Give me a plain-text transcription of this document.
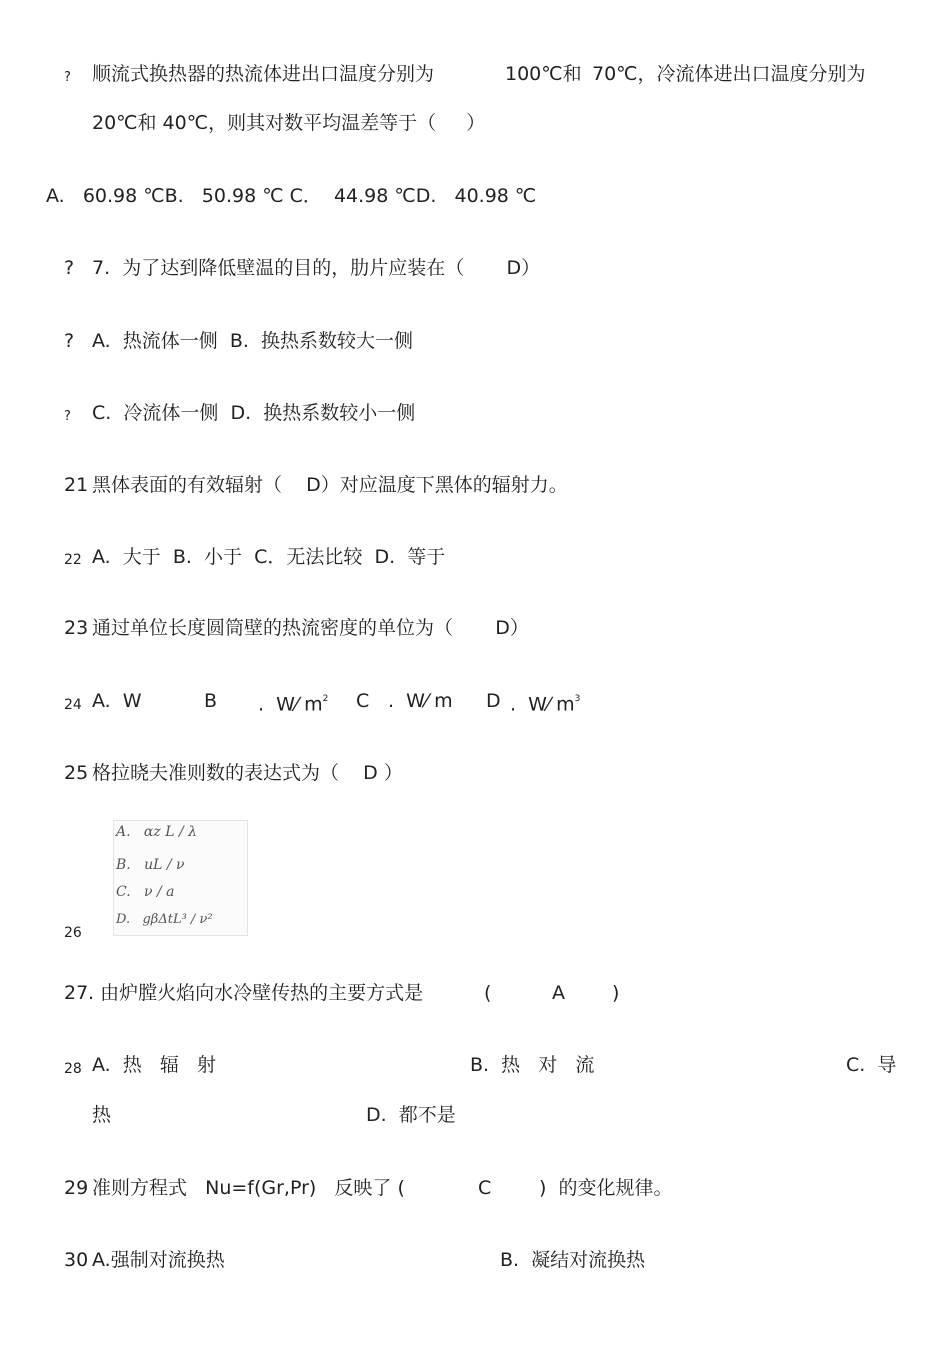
? 顺流式换热器的热流体进出口温度分别为	100℃和 70℃，冷流体进出口温度分别为
20℃和 40℃，则其对数平均温差等于（     ）
A.   60.98 ℃B.   50.98 ℃ C．  44.98 ℃D.   40.98 ℃
? 7.  为了达到降低壁温的目的，肋片应装在（       D）
? A.  热流体一侧  B.  换热系数较大一侧
? C.  冷流体一侧  D.  换热系数较小一侧
21 黑体表面的有效辐射（    D）对应温度下黑体的辐射力。
22 A.  大于  B.  小于  C．无法比较  D.  等于
23 通过单位长度圆筒壁的热流密度的单位为（       D）
24 A.  W	B .  W⁄ $m^2$ C .  W⁄ m D .  W⁄ $m^3$
25 格拉晓夫准则数的表达式为（    D ）
A.   αz L / λ
B.   uL / ν
C.   ν / a
D.   gβΔtL³ / ν²
26
27 . 由炉膛火焰向水冷壁传热的主要方式是	(	A )
28 A.  热   辐   射	B.  热   对   流	C.  导
热	D.  都不是
29 准则方程式   Nu=f(Gr,Pr)   反映了 (	C	)  的变化规律。
30 A.强制对流换热	B.  凝结对流换热
